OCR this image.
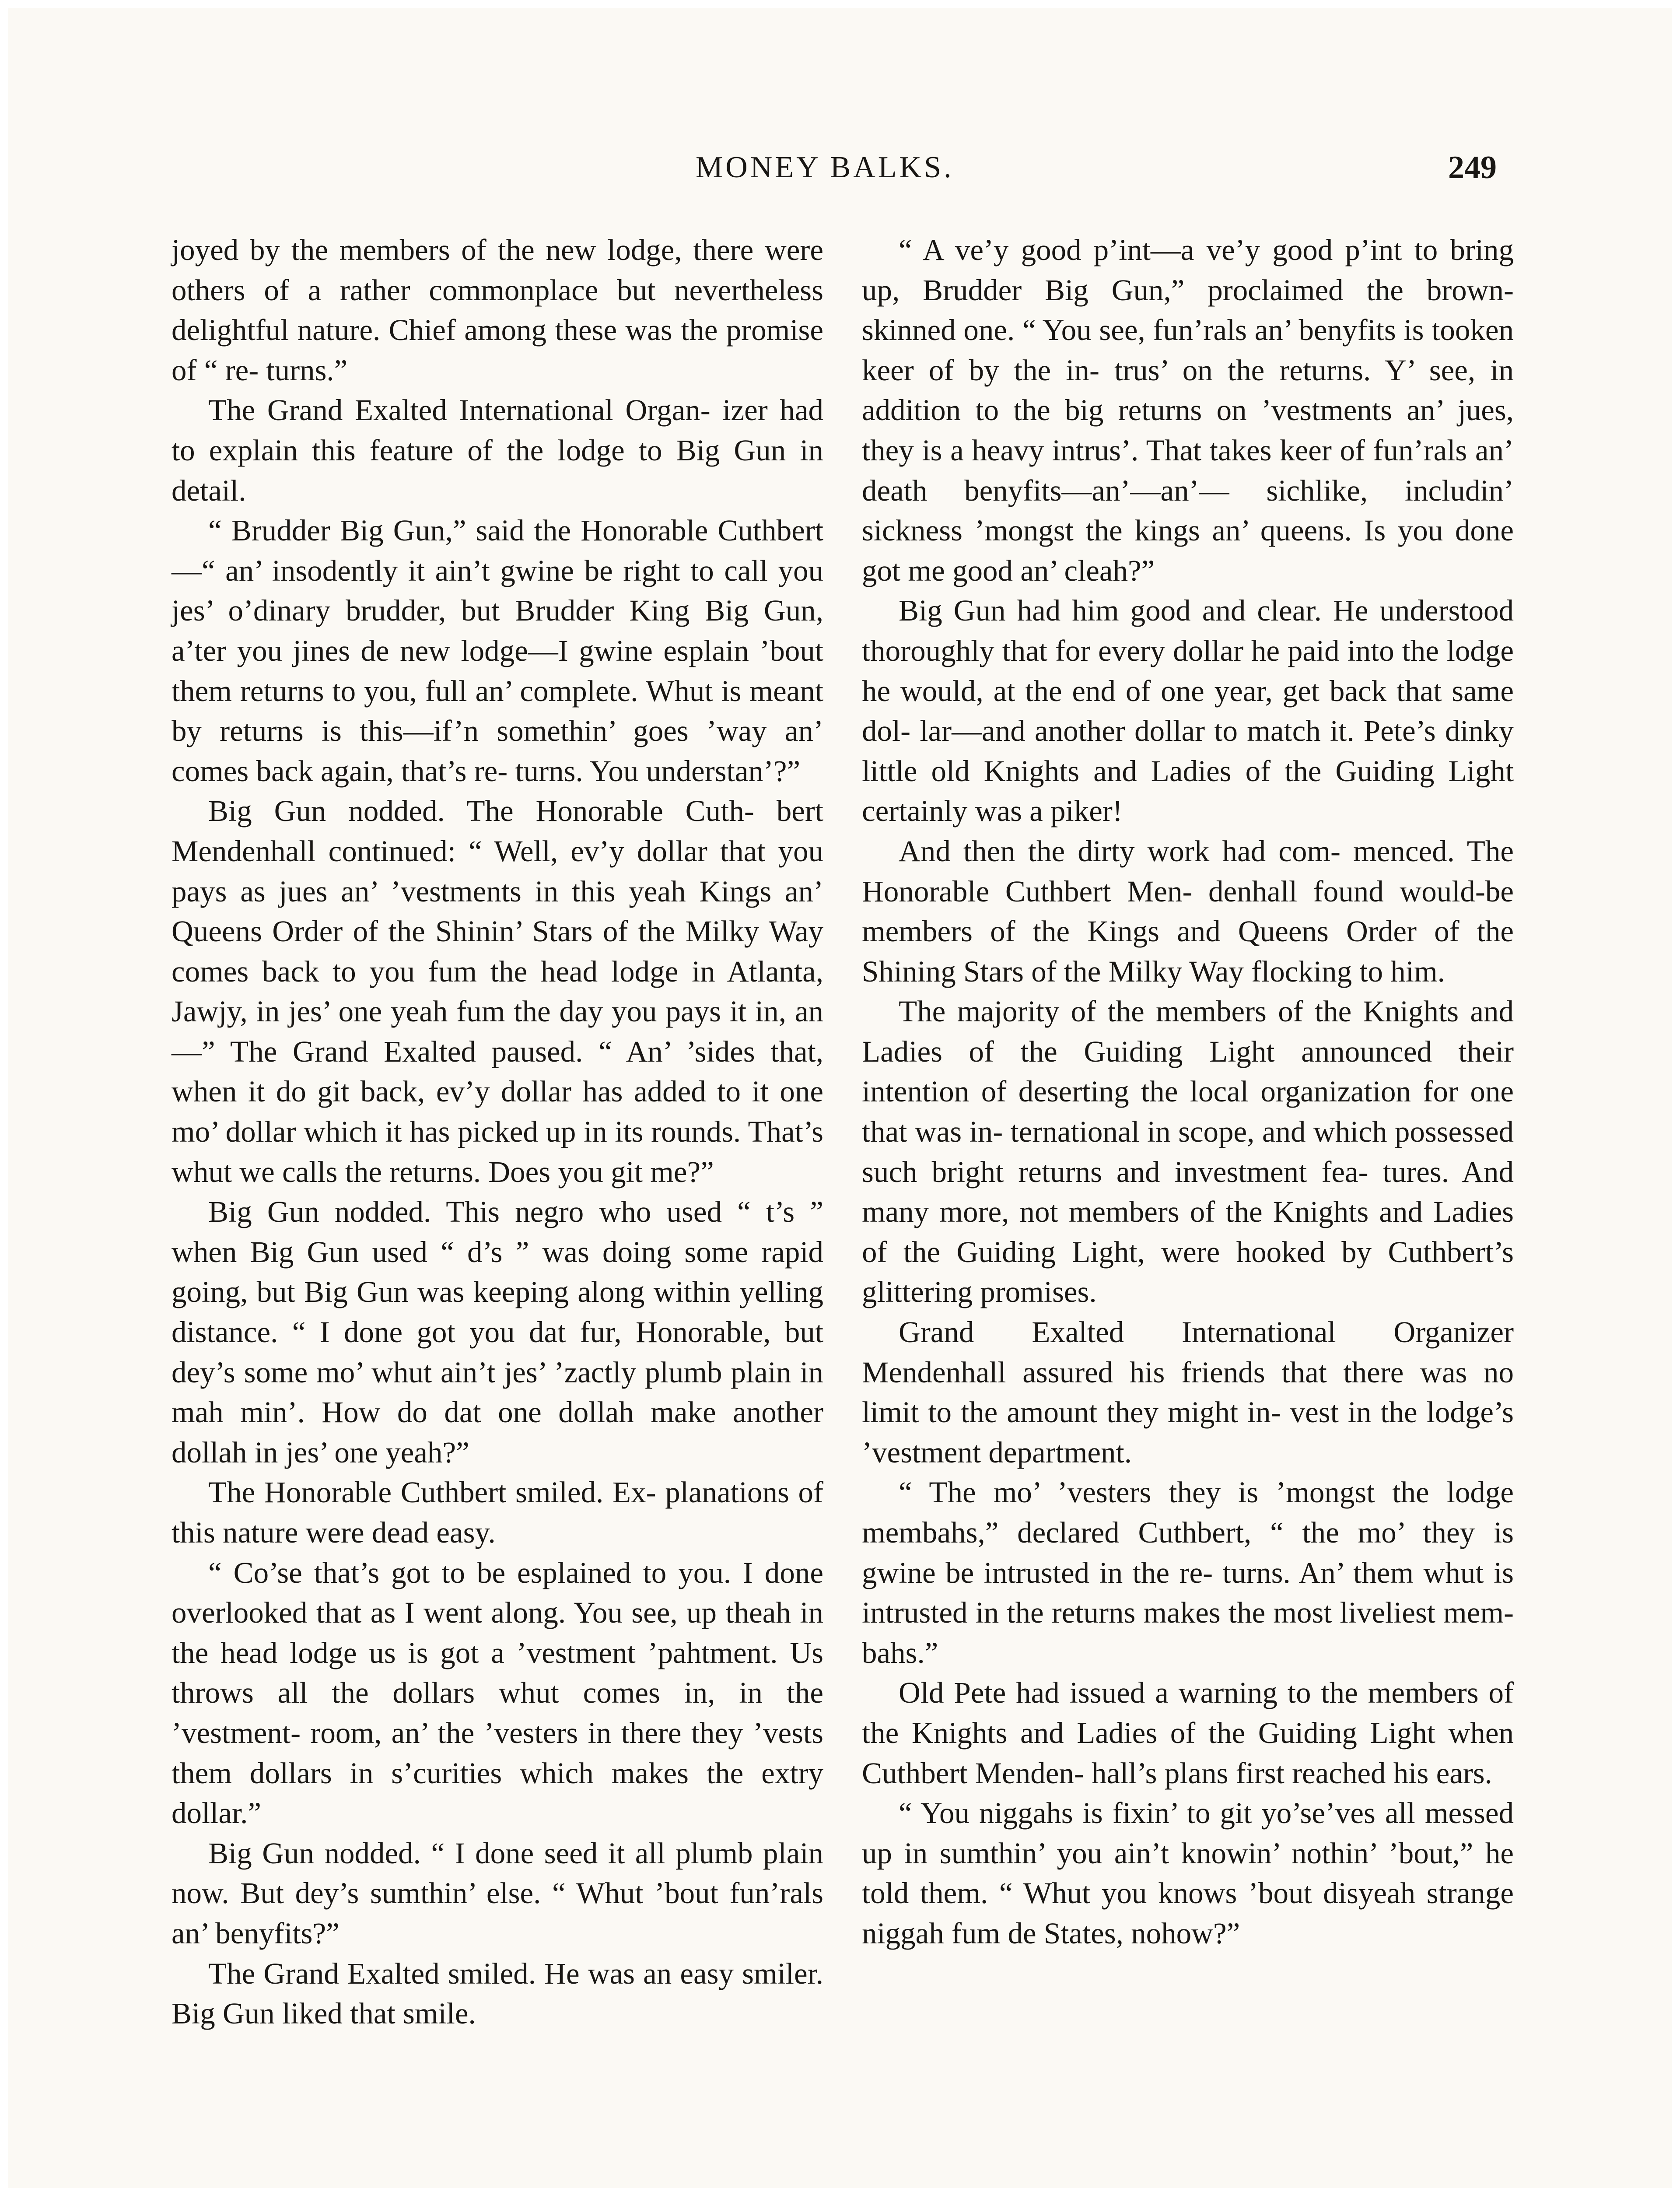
MONEY BALKS.	249

joyed by the members of the new lodge, there were others of a rather commonplace but nevertheless delightful nature. Chief among these was the promise of “ re- turns.”

The Grand Exalted International Organ- izer had to explain this feature of the lodge to Big Gun in detail.

“ Brudder Big Gun,” said the Honorable Cuthbert—“ an’ insodently it ain’t gwine be right to call you jes’ o’dinary brudder, but Brudder King Big Gun, a’ter you jines de new lodge—I gwine esplain ’bout them returns to you, full an’ complete. Whut is meant by returns is this—if’n somethin’ goes ’way an’ comes back again, that’s re- turns. You understan’?”

Big Gun nodded. The Honorable Cuth- bert Mendenhall continued: “ Well, ev’y dollar that you pays as jues an’ ’vestments in this yeah Kings an’ Queens Order of the Shinin’ Stars of the Milky Way comes back to you fum the head lodge in Atlanta, Jawjy, in jes’ one yeah fum the day you pays it in, an—” The Grand Exalted paused. “ An’ ’sides that, when it do git back, ev’y dollar has added to it one mo’ dollar which it has picked up in its rounds. That’s whut we calls the returns. Does you git me?”

Big Gun nodded. This negro who used “ t’s ” when Big Gun used “ d’s ” was doing some rapid going, but Big Gun was keeping along within yelling distance. “ I done got you dat fur, Honorable, but dey’s some mo’ whut ain’t jes’ ’zactly plumb plain in mah min’. How do dat one dollah make another dollah in jes’ one yeah?”

The Honorable Cuthbert smiled. Ex- planations of this nature were dead easy.

“ Co’se that’s got to be esplained to you. I done overlooked that as I went along. You see, up theah in the head lodge us is got a ’vestment ’pahtment. Us throws all the dollars whut comes in, in the ’vestment- room, an’ the ’vesters in there they ’vests them dollars in s’curities which makes the extry dollar.”

Big Gun nodded. “ I done seed it all plumb plain now. But dey’s sumthin’ else. “ Whut ’bout fun’rals an’ benyfits?”

The Grand Exalted smiled. He was an easy smiler. Big Gun liked that smile.

“ A ve’y good p’int—a ve’y good p’int to bring up, Brudder Big Gun,” proclaimed the brown-skinned one. “ You see, fun’rals an’ benyfits is tooken keer of by the in- trus’ on the returns. Y’ see, in addition to the big returns on ’vestments an’ jues, they is a heavy intrus’. That takes keer of fun’rals an’ death benyfits—an’—an’— sichlike, includin’ sickness ’mongst the kings an’ queens. Is you done got me good an’ cleah?”

Big Gun had him good and clear. He understood thoroughly that for every dollar he paid into the lodge he would, at the end of one year, get back that same dol- lar—and another dollar to match it. Pete’s dinky little old Knights and Ladies of the Guiding Light certainly was a piker!

And then the dirty work had com- menced. The Honorable Cuthbert Men- denhall found would-be members of the Kings and Queens Order of the Shining Stars of the Milky Way flocking to him.

The majority of the members of the Knights and Ladies of the Guiding Light announced their intention of deserting the local organization for one that was in- ternational in scope, and which possessed such bright returns and investment fea- tures. And many more, not members of the Knights and Ladies of the Guiding Light, were hooked by Cuthbert’s glittering promises.

Grand Exalted International Organizer Mendenhall assured his friends that there was no limit to the amount they might in- vest in the lodge’s ’vestment department.

“ The mo’ ’vesters they is ’mongst the lodge membahs,” declared Cuthbert, “ the mo’ they is gwine be intrusted in the re- turns. An’ them whut is intrusted in the returns makes the most liveliest mem- bahs.”

Old Pete had issued a warning to the members of the Knights and Ladies of the Guiding Light when Cuthbert Menden- hall’s plans first reached his ears.

“ You niggahs is fixin’ to git yo’se’ves all messed up in sumthin’ you ain’t knowin’ nothin’ ’bout,” he told them. “ Whut you knows ’bout disyeah strange niggah fum de States, nohow?”
